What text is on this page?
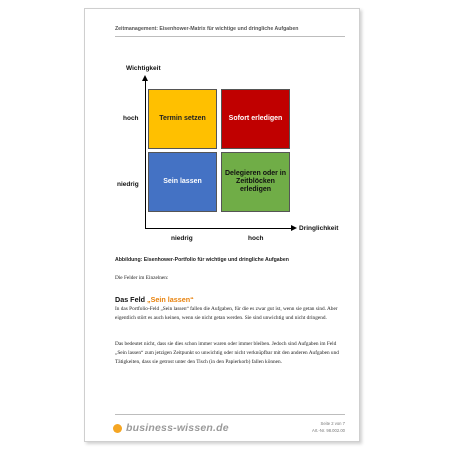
Zeitmanagement: Eisenhower-Matrix für wichtige und dringliche Aufgaben
Wichtigkeit
Dringlichkeit
hoch
niedrig
niedrig	hoch
Termin setzen	Sofort erledigen
Sein lassen
Delegieren oder in Zeitblöcken erledigen
Abbildung: Eisenhower-Portfolio für wichtige und dringliche Aufgaben
Die Felder im Einzelnen:
Das Feld „Sein lassen“
In das Portfolio-Feld „Sein lassen“ fallen die Aufgaben, für die es zwar gut ist, wenn sie getan sind. Aber eigentlich stört es auch keinen, wenn sie nicht getan werden. Sie sind unwichtig und nicht dringend.
Das bedeutet nicht, dass sie dies schon immer waren oder immer bleiben. Jedoch sind Aufgaben im Feld „Sein lassen“ zum jetzigen Zeitpunkt so unwichtig oder nicht verknüpfbar mit den anderen Aufgaben und Tätigkeiten, dass sie getrost unter den Tisch (in den Papierkorb) fallen können.
business-wissen.de	Seite 2 von 7
Art.-Nr. 98.002.00
